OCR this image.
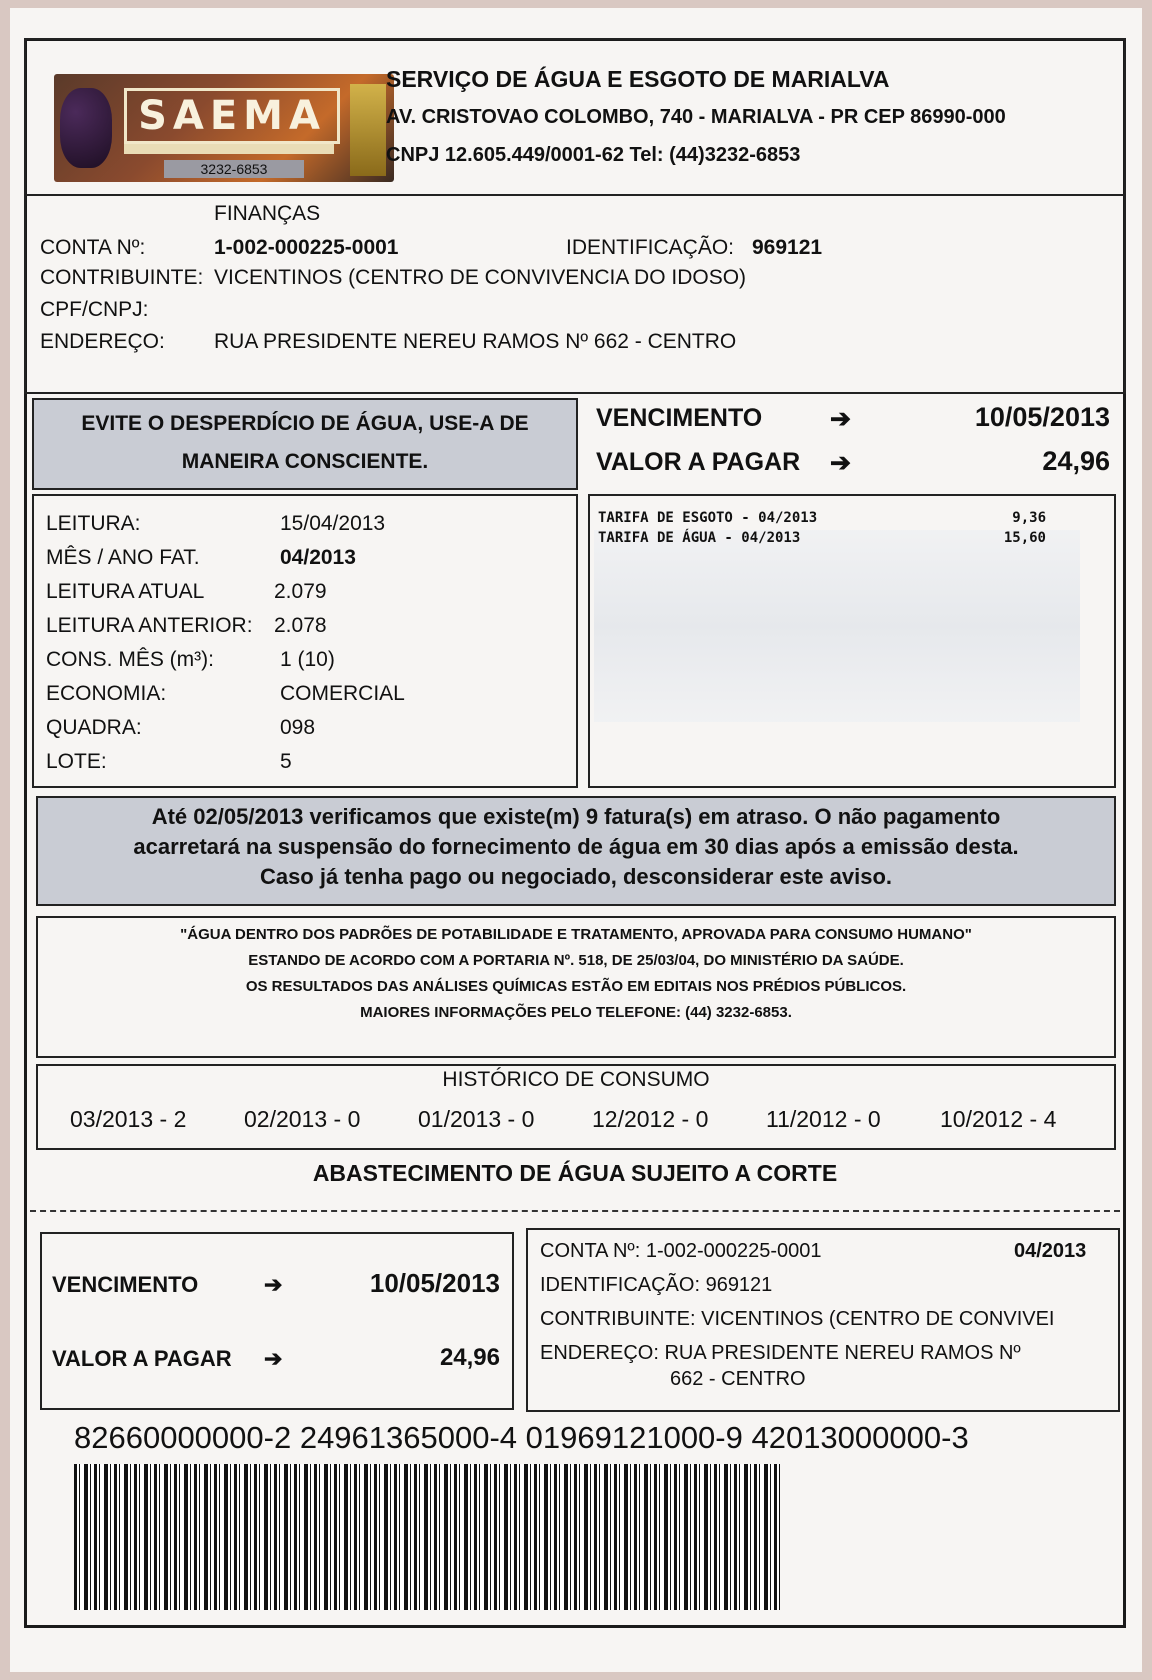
SAEMA
3232-6853
SERVIÇO DE ÁGUA E ESGOTO DE MARIALVA
AV. CRISTOVAO COLOMBO, 740 - MARIALVA - PR CEP 86990-000
CNPJ 12.605.449/0001-62 Tel: (44)3232-6853
FINANÇAS
CONTA Nº:	1-002-000225-0001	IDENTIFICAÇÃO: 969121
CONTRIBUINTE: VICENTINOS (CENTRO DE CONVIVENCIA DO IDOSO)
CPF/CNPJ:
ENDEREÇO: RUA PRESIDENTE NEREU RAMOS Nº 662 - CENTRO
EVITE O DESPERDÍCIO DE ÁGUA, USE-A DE
MANEIRA CONSCIENTE.
VENCIMENTO	➔	10/05/2013
VALOR A PAGAR ➔	24,96
LEITURA:	15/04/2013
MÊS / ANO FAT.	04/2013
LEITURA ATUAL	2.079
LEITURA ANTERIOR: 2.078
CONS. MÊS (m³):	1 (10)
ECONOMIA:	COMERCIAL
QUADRA:	098
LOTE:	5
TARIFA DE ESGOTO - 04/2013	9,36
TARIFA DE ÁGUA - 04/2013	15,60
Até 02/05/2013 verificamos que existe(m) 9 fatura(s) em atraso. O não pagamento
acarretará na suspensão do fornecimento de água em 30 dias após a emissão desta.
Caso já tenha pago ou negociado, desconsiderar este aviso.
"ÁGUA DENTRO DOS PADRÕES DE POTABILIDADE E TRATAMENTO, APROVADA PARA CONSUMO HUMANO"
ESTANDO DE ACORDO COM A PORTARIA Nº. 518, DE 25/03/04, DO MINISTÉRIO DA SAÚDE.
OS RESULTADOS DAS ANÁLISES QUÍMICAS ESTÃO EM EDITAIS NOS PRÉDIOS PÚBLICOS.
MAIORES INFORMAÇÕES PELO TELEFONE: (44) 3232-6853.
HISTÓRICO DE CONSUMO
03/2013 - 2	02/2013 - 0	01/2013 - 0	12/2012 - 0	11/2012 - 0	10/2012 - 4
ABASTECIMENTO DE ÁGUA SUJEITO A CORTE
VENCIMENTO	➔	10/05/2013
VALOR A PAGAR ➔	24,96
CONTA Nº: 1-002-000225-0001	04/2013
IDENTIFICAÇÃO: 969121
CONTRIBUINTE: VICENTINOS (CENTRO DE CONVIVEI
ENDEREÇO: RUA PRESIDENTE NEREU RAMOS Nº
662 - CENTRO
82660000000-2 24961365000-4 01969121000-9 42013000000-3
